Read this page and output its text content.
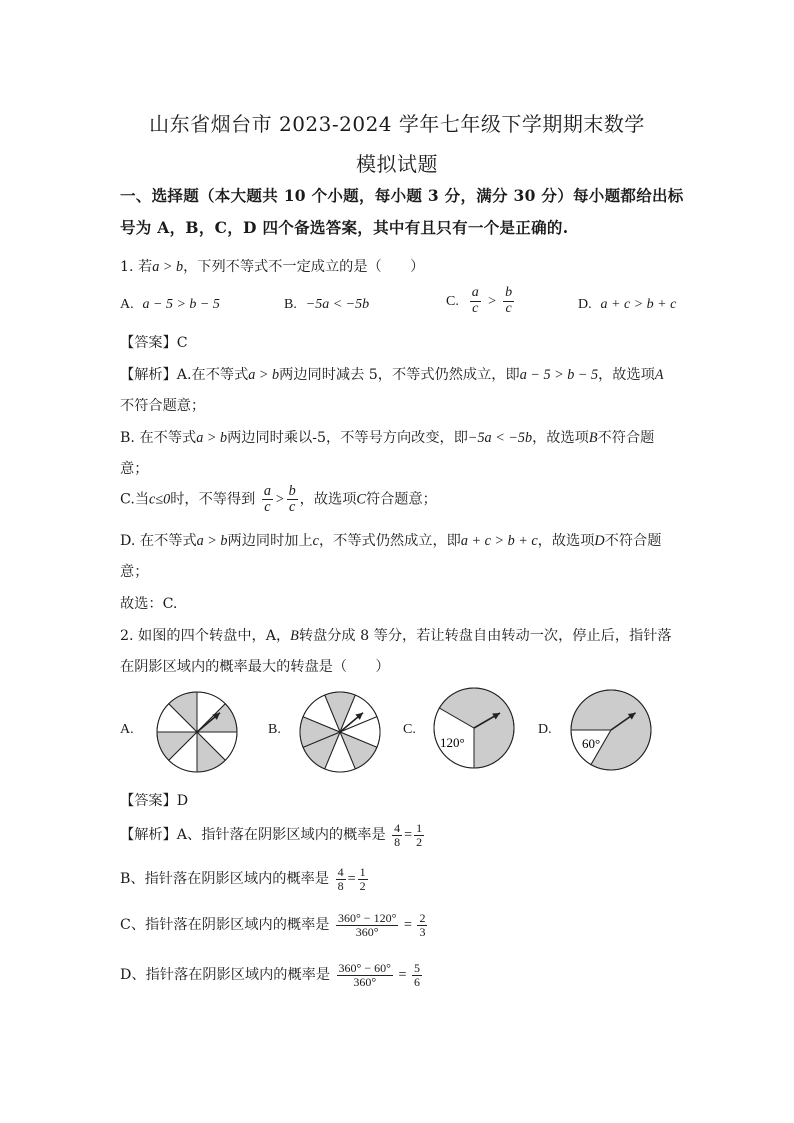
山东省烟台市 2023-2024 学年七年级下学期期末数学
模拟试题
一、选择题（本大题共 10 个小题，每小题 3 分，满分 30 分）每小题都给出标
号为 A，B，C，D 四个备选答案，其中有且只有一个是正确的.
1. 若a > b，下列不等式不一定成立的是（　　）
A. a − 5 > b − 5	B. −5a < −5b	C. $\frac{a}{c} > \frac{b}{c}$	D. a + c > b + c
【答案】C
【解析】A.在不等式a > b两边同时减去 5，不等式仍然成立，即a − 5 > b − 5，故选项A
不符合题意；
B. 在不等式a > b两边同时乘以-5，不等号方向改变，即−5a < −5b，故选项B不符合题
意；
C.当c≤0时，不等得到 $\frac{a}{c} > \frac{b}{c}$ ，故选项C符合题意；
D. 在不等式a > b两边同时加上c，不等式仍然成立，即a + c > b + c，故选项D不符合题
意；
故选：C.
2. 如图的四个转盘中，A，B转盘分成 8 等分，若让转盘自由转动一次，停止后，指针落
在阴影区域内的概率最大的转盘是（　　）
A.	B.	C.
120°
D.
60°
【答案】D
【解析】A、指针落在阴影区域内的概率是 $\frac{4}{8} = \frac{1}{2}$
B、指针落在阴影区域内的概率是 $\frac{4}{8} = \frac{1}{2}$
C、指针落在阴影区域内的概率是 $\frac{360^\circ - 120^\circ}{360^\circ} = \frac{2}{3}$
D、指针落在阴影区域内的概率是 $\frac{360^\circ - 60^\circ}{360^\circ} = \frac{5}{6}$
